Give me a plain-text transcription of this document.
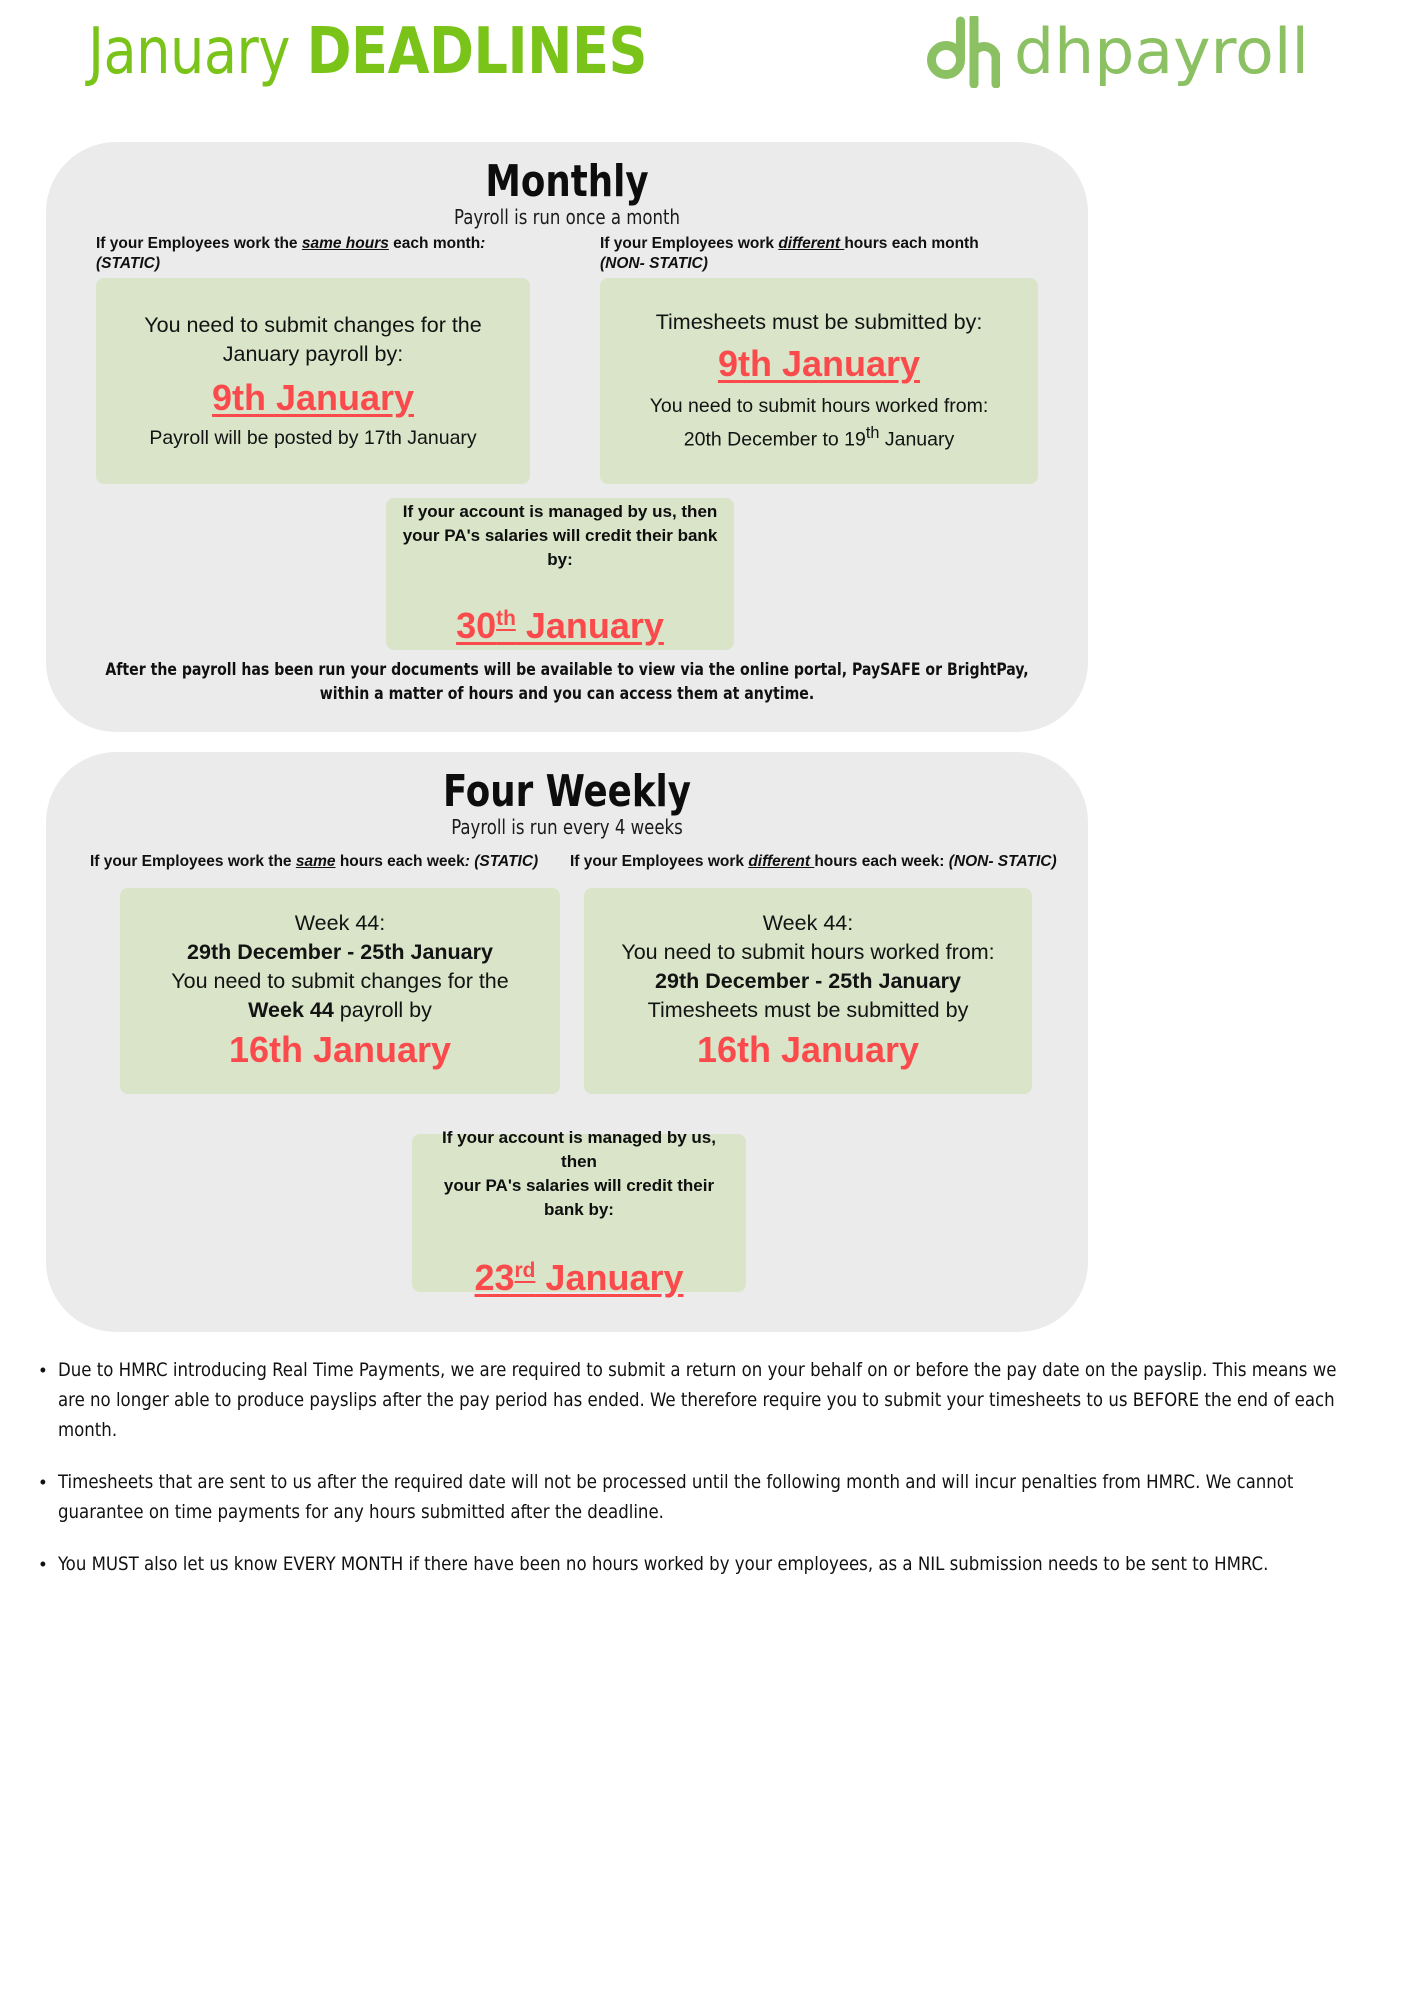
January DEADLINES	dhpayroll
Monthly
Payroll is run once a month
If your Employees work the same hours each month:
(STATIC)
If your Employees work different hours each month
(NON- STATIC)
You need to submit changes for the
January payroll by:
9th January
Payroll will be posted by 17th January
Timesheets must be submitted by:
9th January
You need to submit hours worked from:
20th December to 19th January
If your account is managed by us, then
your PA's salaries will credit their bank by:
30th January
After the payroll has been run your documents will be available to view via the online portal, PaySAFE or BrightPay,
within a matter of hours and you can access them at anytime.
Four Weekly
Payroll is run every 4 weeks
If your Employees work the same hours each week: (STATIC)	If your Employees work different hours each week: (NON- STATIC)
Week 44:
29th December - 25th January
You need to submit changes for the
Week 44 payroll by
16th January
Week 44:
You need to submit hours worked from:
29th December - 25th January
Timesheets must be submitted by
16th January
If your account is managed by us, then
your PA's salaries will credit their bank by:
23rd January
• Due to HMRC introducing Real Time Payments, we are required to submit a return on your behalf on or before the pay date on the payslip. This means we are no longer able to produce payslips after the pay period has ended. We therefore require you to submit your timesheets to us BEFORE the end of each month.
• Timesheets that are sent to us after the required date will not be processed until the following month and will incur penalties from HMRC. We cannot guarantee on time payments for any hours submitted after the deadline.
• You MUST also let us know EVERY MONTH if there have been no hours worked by your employees, as a NIL submission needs to be sent to HMRC.
